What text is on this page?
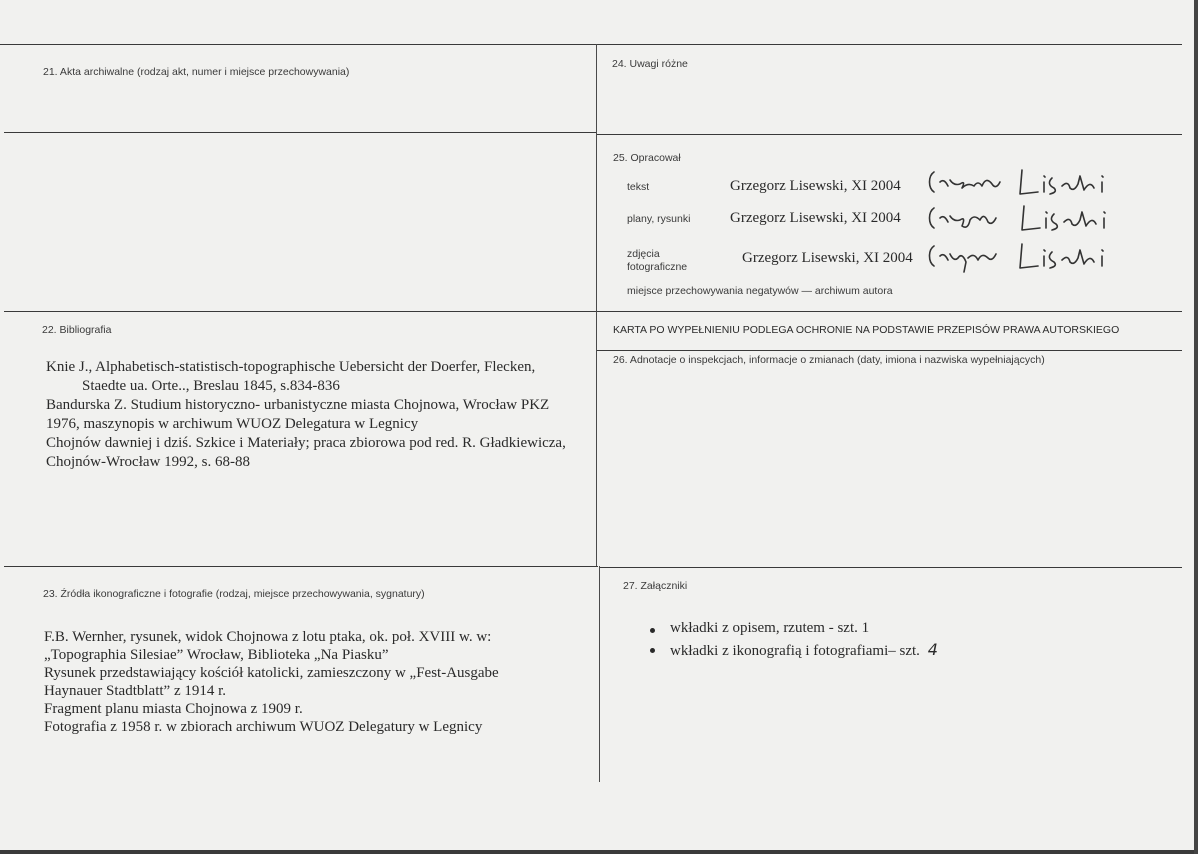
21. Akta archiwalne (rodzaj akt, numer i miejsce przechowywania)
24. Uwagi różne
25. Opracował
tekst	Grzegorz Lisewski, XI 2004
plany, rysunki	Grzegorz Lisewski, XI 2004
zdjęcia
fotograficzne
Grzegorz Lisewski, XI 2004
miejsce przechowywania negatywów — archiwum autora
KARTA PO WYPEŁNIENIU PODLEGA OCHRONIE NA PODSTAWIE PRZEPISÓW PRAWA AUTORSKIEGO
26. Adnotacje o inspekcjach, informacje o zmianach (daty, imiona i nazwiska wypełniających)
22. Bibliografia
Knie J., Alphabetisch-statistisch-topographische Uebersicht der Doerfer, Flecken,
Staedte ua. Orte.., Breslau 1845, s.834-836
Bandurska Z. Studium historyczno- urbanistyczne miasta Chojnowa, Wrocław PKZ
1976, maszynopis w archiwum WUOZ Delegatura w Legnicy
Chojnów dawniej i dziś. Szkice i Materiały; praca zbiorowa pod red. R. Gładkiewicza,
Chojnów-Wrocław 1992, s. 68-88
23. Źródła ikonograficzne i fotografie (rodzaj, miejsce przechowywania, sygnatury)
F.B. Wernher, rysunek, widok Chojnowa z lotu ptaka, ok. poł. XVIII w. w:
„Topographia Silesiae” Wrocław, Biblioteka „Na Piasku”
Rysunek przedstawiający kościół katolicki, zamieszczony w „Fest-Ausgabe
Haynauer Stadtblatt” z 1914 r.
Fragment planu miasta Chojnowa z 1909 r.
Fotografia z 1958 r. w zbiorach archiwum WUOZ Delegatury w Legnicy
27. Załączniki
wkładki z opisem, rzutem - szt. 1
wkładki z ikonografią i fotografiami– szt. 4
